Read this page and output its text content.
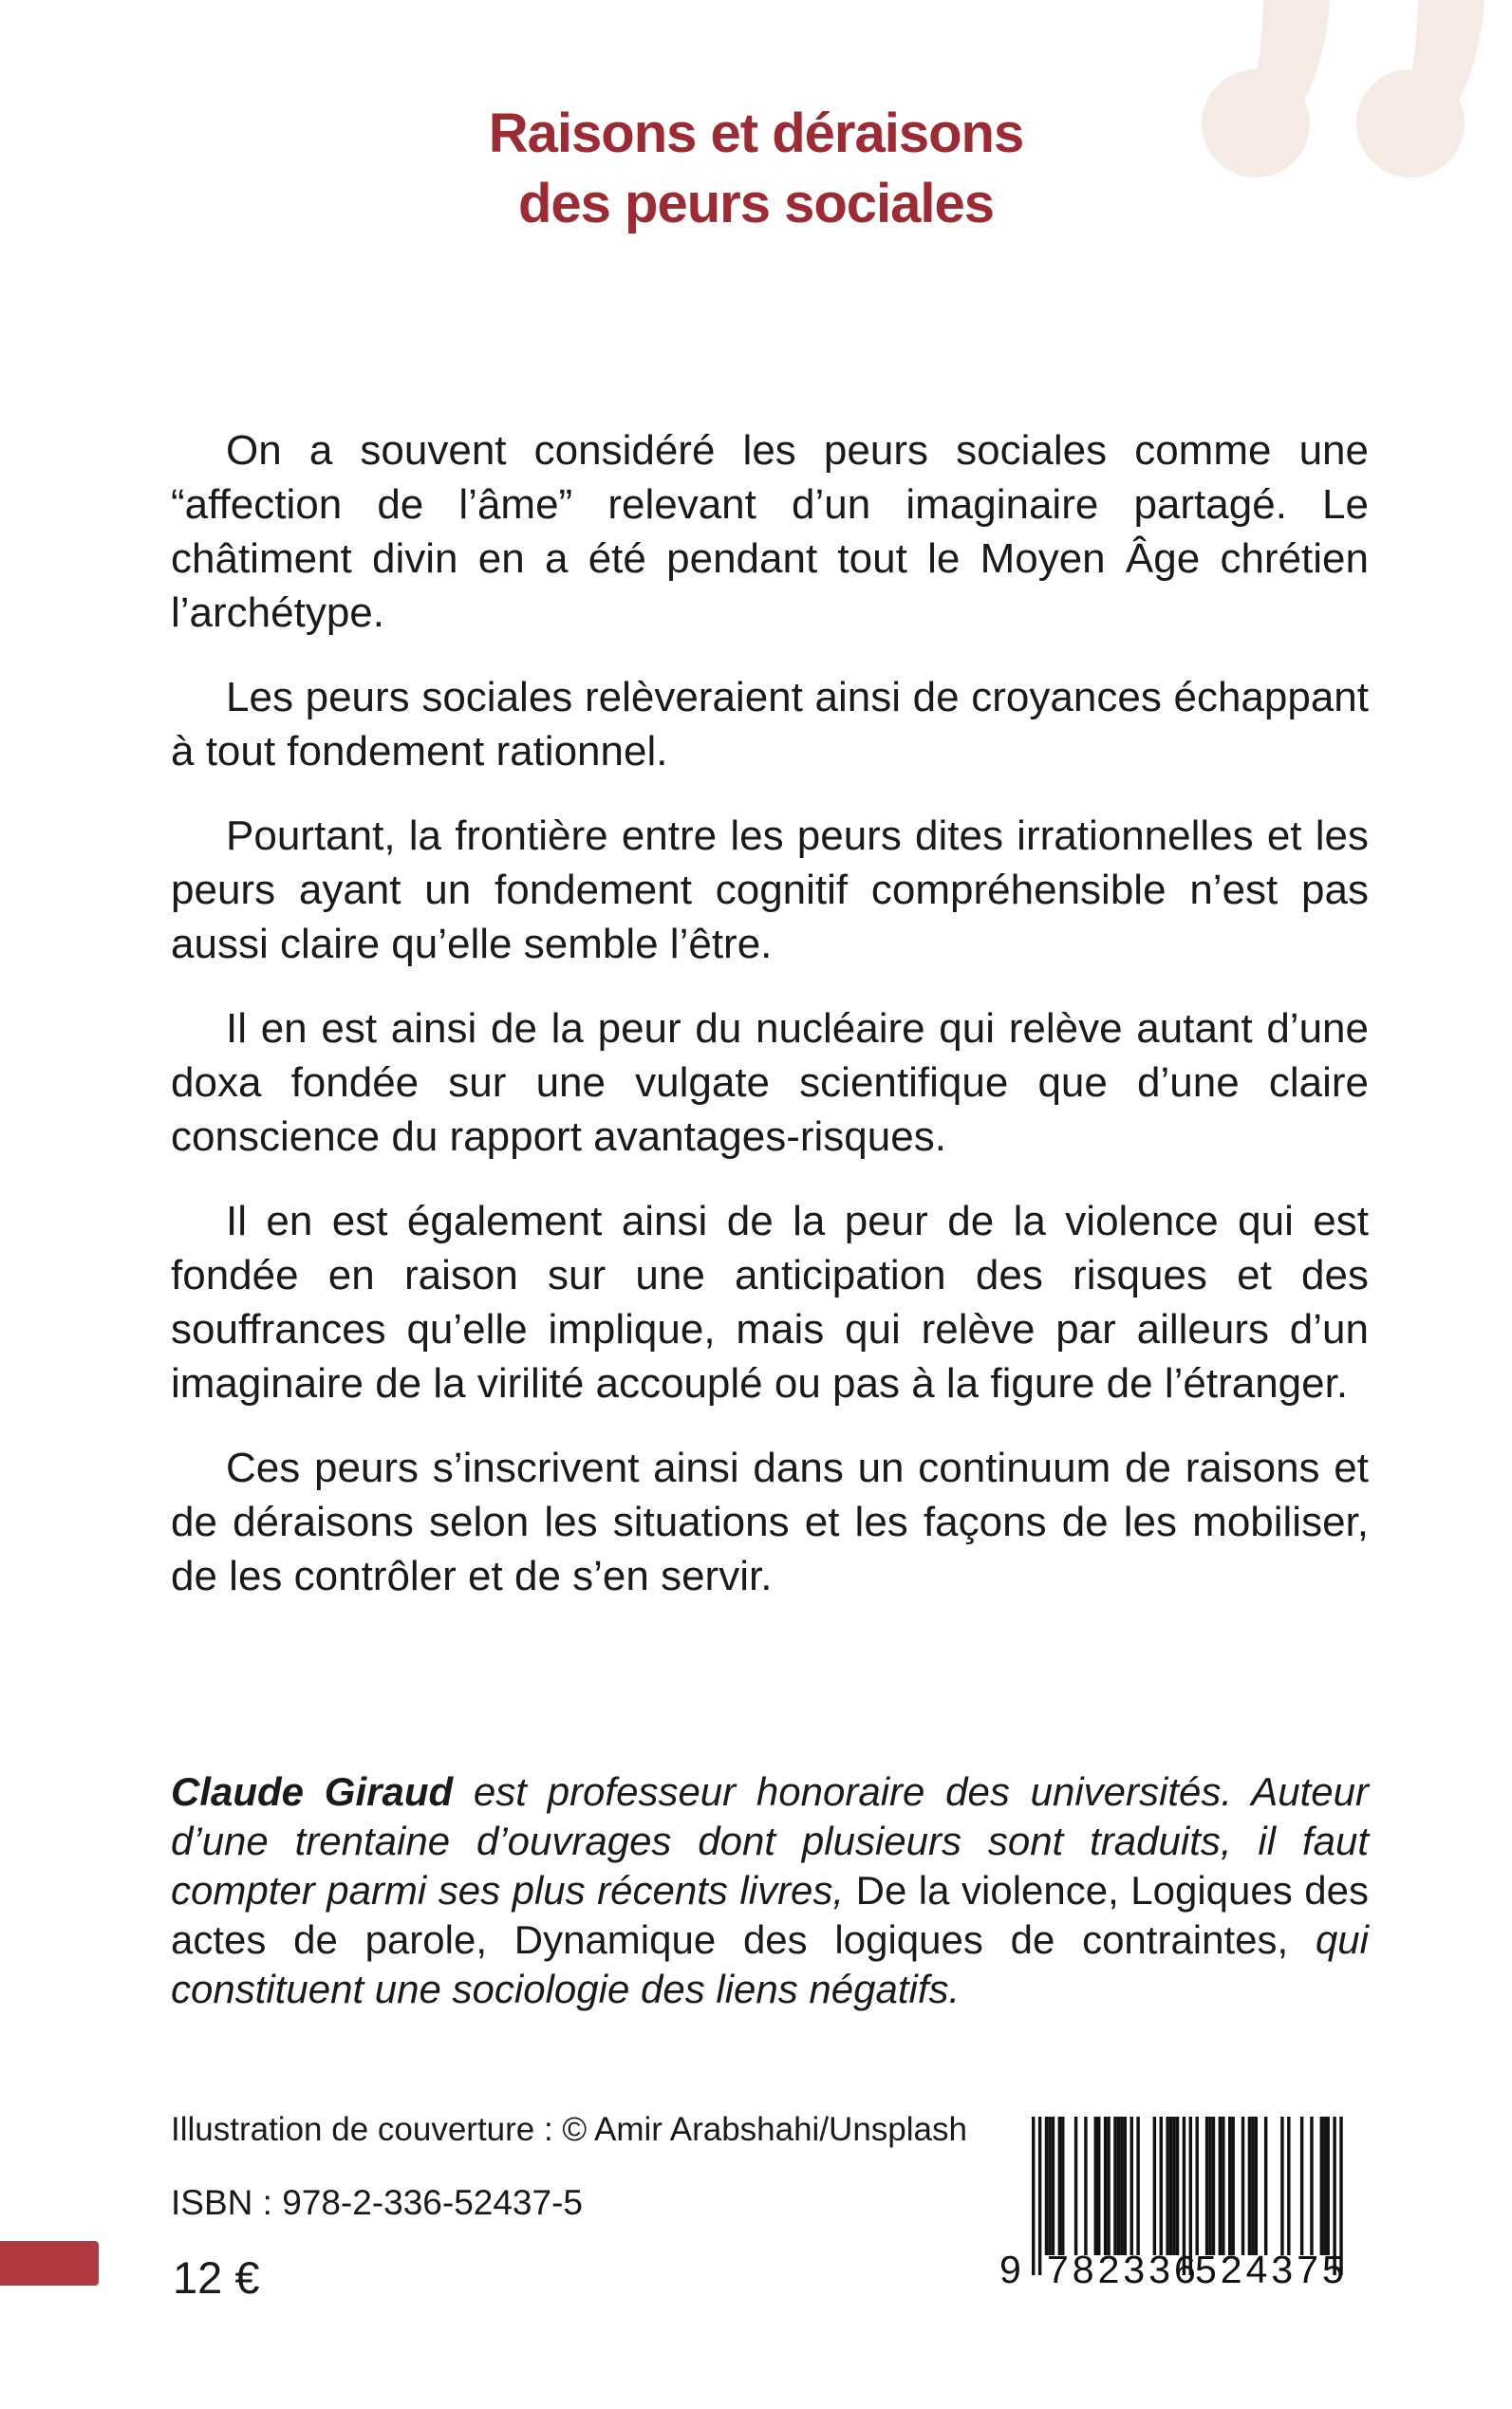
Raisons et déraisons
des peurs sociales

On a souvent considéré les peurs sociales comme une “affection de l’âme” relevant d’un imaginaire partagé. Le châtiment divin en a été pendant tout le Moyen Âge chrétien l’archétype.

Les peurs sociales relèveraient ainsi de croyances échappant à tout fondement rationnel.

Pourtant, la frontière entre les peurs dites irrationnelles et les peurs ayant un fondement cognitif compréhensible n’est pas aussi claire qu’elle semble l’être.

Il en est ainsi de la peur du nucléaire qui relève autant d’une doxa fondée sur une vulgate scientifique que d’une claire conscience du rapport avantages-risques.

Il en est également ainsi de la peur de la violence qui est fondée en raison sur une anticipation des risques et des souffrances qu’elle implique, mais qui relève par ailleurs d’un imaginaire de la virilité accouplé ou pas à la figure de l’étranger.

Ces peurs s’inscrivent ainsi dans un continuum de raisons et de déraisons selon les situations et les façons de les mobiliser, de les contrôler et de s’en servir.

Claude Giraud est professeur honoraire des universités. Auteur d’une trentaine d’ouvrages dont plusieurs sont traduits, il faut compter parmi ses plus récents livres, De la violence, Logiques des actes de parole, Dynamique des logiques de contraintes, qui constituent une sociologie des liens négatifs.
Illustration de couverture : © Amir Arabshahi/Unsplash
ISBN : 978-2-336-52437-5
12 €	9 782336
524375
